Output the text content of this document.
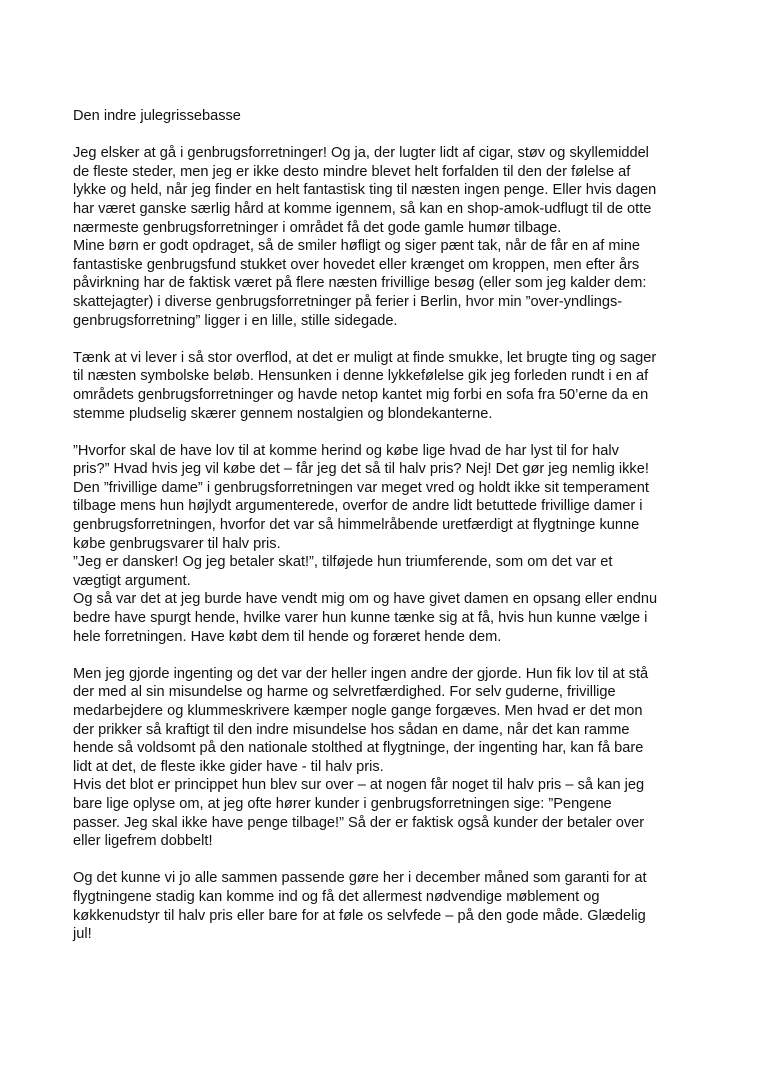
Den indre julegrissebasse
Jeg elsker at gå i genbrugsforretninger! Og ja, der lugter lidt af cigar, støv og skyllemiddel
de fleste steder, men jeg er ikke desto mindre blevet helt forfalden til den der følelse af
lykke og held, når jeg finder en helt fantastisk ting til næsten ingen penge. Eller hvis dagen
har været ganske særlig hård at komme igennem, så kan en shop-amok-udflugt til de otte
nærmeste genbrugsforretninger i området få det gode gamle humør tilbage.
Mine børn er godt opdraget, så de smiler høfligt og siger pænt tak, når de får en af mine
fantastiske genbrugsfund stukket over hovedet eller krænget om kroppen, men efter års
påvirkning har de faktisk været på flere næsten frivillige besøg (eller som jeg kalder dem:
skattejagter) i diverse genbrugsforretninger på ferier i Berlin, hvor min ”over-yndlings-
genbrugsforretning” ligger i en lille, stille sidegade.
Tænk at vi lever i så stor overflod, at det er muligt at finde smukke, let brugte ting og sager
til næsten symbolske beløb. Hensunken i denne lykkefølelse gik jeg forleden rundt i en af
områdets genbrugsforretninger og havde netop kantet mig forbi en sofa fra 50’erne da en
stemme pludselig skærer gennem nostalgien og blondekanterne.
”Hvorfor skal de have lov til at komme herind og købe lige hvad de har lyst til for halv
pris?” Hvad hvis jeg vil købe det – får jeg det så til halv pris? Nej! Det gør jeg nemlig ikke!
Den ”frivillige dame” i genbrugsforretningen var meget vred og holdt ikke sit temperament
tilbage mens hun højlydt argumenterede, overfor de andre lidt betuttede frivillige damer i
genbrugsforretningen, hvorfor det var så himmelråbende uretfærdigt at flygtninge kunne
købe genbrugsvarer til halv pris.
”Jeg er dansker! Og jeg betaler skat!”, tilføjede hun triumferende, som om det var et
vægtigt argument.
Og så var det at jeg burde have vendt mig om og have givet damen en opsang eller endnu
bedre have spurgt hende, hvilke varer hun kunne tænke sig at få, hvis hun kunne vælge i
hele forretningen. Have købt dem til hende og foræret hende dem.
Men jeg gjorde ingenting og det var der heller ingen andre der gjorde. Hun fik lov til at stå
der med al sin misundelse og harme og selvretfærdighed. For selv guderne, frivillige
medarbejdere og klummeskrivere kæmper nogle gange forgæves. Men hvad er det mon
der prikker så kraftigt til den indre misundelse hos sådan en dame, når det kan ramme
hende så voldsomt på den nationale stolthed at flygtninge, der ingenting har, kan få bare
lidt at det, de fleste ikke gider have - til halv pris.
Hvis det blot er princippet hun blev sur over – at nogen får noget til halv pris – så kan jeg
bare lige oplyse om, at jeg ofte hører kunder i genbrugsforretningen sige: ”Pengene
passer. Jeg skal ikke have penge tilbage!” Så der er faktisk også kunder der betaler over
eller ligefrem dobbelt!
Og det kunne vi jo alle sammen passende gøre her i december måned som garanti for at
flygtningene stadig kan komme ind og få det allermest nødvendige møblement og
køkkenudstyr til halv pris eller bare for at føle os selvfede – på den gode måde. Glædelig
jul!
